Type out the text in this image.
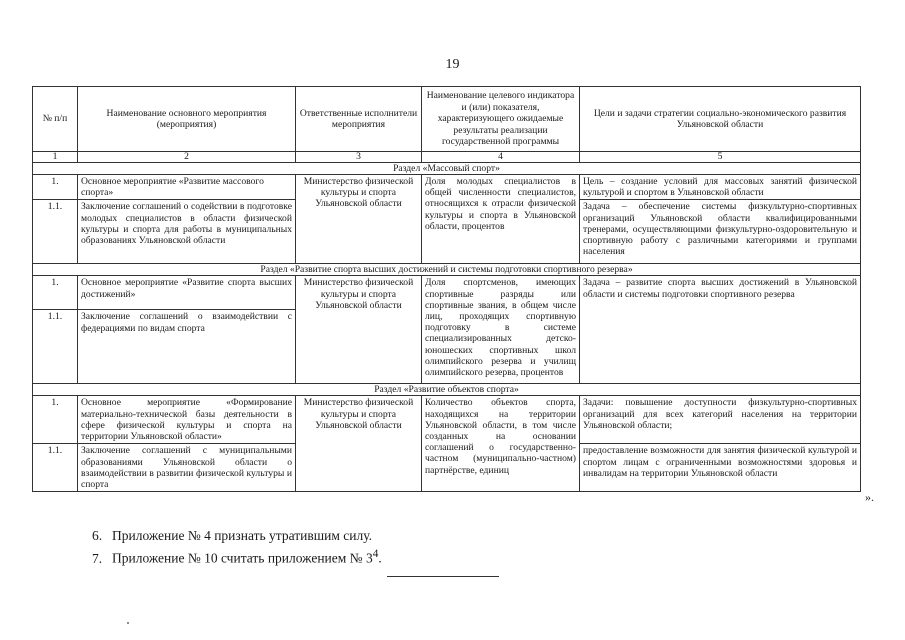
19
№ п/п	Наименование основного мероприятия (мероприятия)	Ответственные исполнители мероприятия	Наименование целевого индикатора и (или) показателя, характеризующего ожидаемые результаты реализации государственной программы	Цели и задачи стратегии социально-экономического развития Ульяновской области
1	2	3	4	5
Раздел «Массовый спорт»				
1.	Основное мероприятие «Развитие массового спорта»	Министерство физической культуры и спорта Ульяновской области	Доля молодых специалистов в общей численности специалистов, относящихся к отрасли физической культуры и спорта в Ульяновской области, процентов	Цель – создание условий для массовых занятий физической культурой и спортом в Ульяновской области
1.1.	Заключение соглашений о содействии в подготовке молодых специалистов в области физической культуры и спорта для работы в муниципальных образованиях Ульяновской области			Задача – обеспечение системы физкультурно-спортивных организаций Ульяновской области квалифицированными тренерами, осуществляющими физкультурно-оздоровительную и спортивную работу с различными категориями и группами населения
Раздел «Развитие спорта высших достижений и системы подготовки спортивного резерва»				
1.	Основное мероприятие «Развитие спорта высших достижений»	Министерство физической культуры и спорта Ульяновской области	Доля спортсменов, имеющих спортивные разряды или спортивные звания, в общем числе лиц, проходящих спортивную подготовку в системе специализированных детско-юношеских спортивных школ олимпийского резерва и училищ олимпийского резерва, процентов	Задача – развитие спорта высших достижений в Ульяновской области и системы подготовки спортивного резерва
1.1.	Заключение соглашений о взаимодействии с федерациями по видам спорта			
Раздел «Развитие объектов спорта»				
1.	Основное мероприятие «Формирование материально-технической базы деятельности в сфере физической культуры и спорта на территории Ульяновской области»	Министерство физической культуры и спорта Ульяновской области	Количество объектов спорта, находящихся на территории Ульяновской области, в том числе созданных на основании соглашений о государственно-частном (муниципально-частном) партнёрстве, единиц	Задачи: повышение доступности физкультурно-спортивных организаций для всех категорий населения на территории Ульяновской области;
1.1.	Заключение соглашений с муниципальными образованиями Ульяновской области о взаимодействии в развитии физической культуры и спорта			предоставление возможности для занятия физической культурой и спортом лицам с ограниченными возможностями здоровья и инвалидам на территории Ульяновской области
».
6. Приложение № 4 признать утратившим силу.
7. Приложение № 10 считать приложением № $3^4$.
